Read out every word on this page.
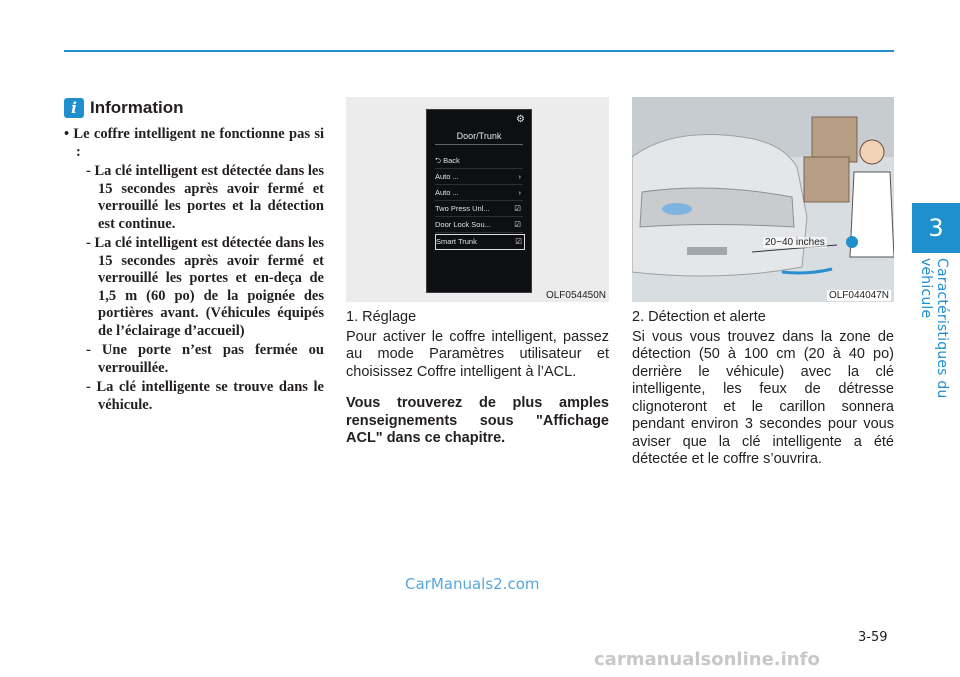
3
Caractéristiques du véhicule
i Information

• Le coffre intelligent ne fonctionne pas si :

- La clé intelligent est détectée dans les 15 secondes après avoir fermé et verrouillé les portes et la détection est continue.

- La clé intelligent est détectée dans les 15 secondes après avoir fermé et verrouillé les portes et en-deça de 1,5 m (60 po) de la poignée des portières avant. (Véhicules équipés de l’éclairage d’accueil)

- Une porte n’est pas fermée ou verrouillée.

- La clé intelligente se trouve dans le véhicule.

⚙
Door/Trunk
⮌ Back
Auto ...	›
Auto ...	›
Two Press Unl...	☑
Door Lock Sou...	☑
Smart Trunk	☑
OLF054450N
20~40 inches
OLF044047N

1. Réglage

Pour activer le coffre intelligent, passez au mode Paramètres utilisateur et choisissez Coffre intelligent à l’ACL.

Vous trouverez de plus amples renseignements sous "Affichage ACL" dans ce chapitre.

2. Détection et alerte

Si vous vous trouvez dans la zone de détection (50 à 100 cm (20 à 40 po) derrière le véhicule) avec la clé intelligente, les feux de détresse clignoteront et le carillon sonnera pendant environ 3 secondes pour vous aviser que la clé intelligente a été détectée et le coffre s’ouvrira.

3-59
CarManuals2.com
carmanualsonline.info
